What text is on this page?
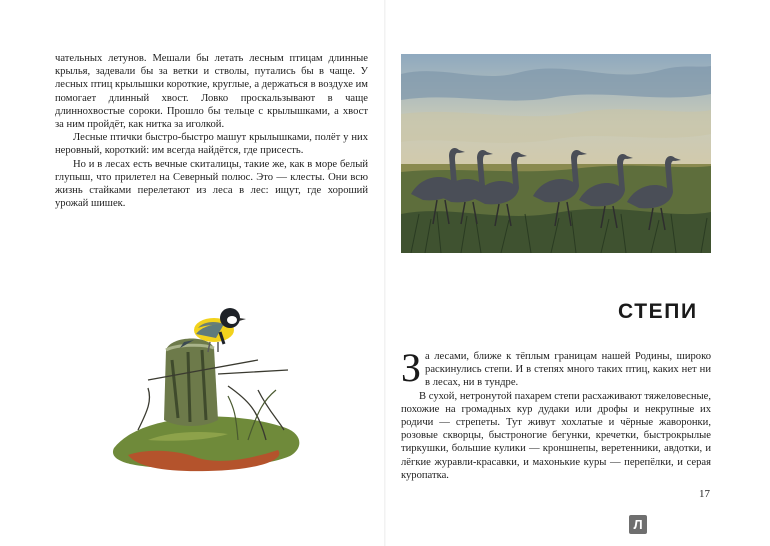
чательных летунов. Мешали бы летать лесным птицам длинные крылья, задевали бы за ветки и стволы, путались бы в чаще. У лесных птиц крылышки короткие, круглые, а держаться в воздухе им помогает длинный хвост. Ловко проскальзывают в чаще длиннохвостые сороки. Прошло бы тельце с крылышками, а хвост за ним пройдёт, как нитка за иголкой.

Лесные птички быстро-быстро машут крылышками, полёт у них неровный, короткий: им всегда найдётся, где присесть.

Но и в лесах есть вечные скиталицы, такие же, как в море белый глупыш, что прилетел на Северный полюс. Это — клесты. Они всю жизнь стайками перелетают из леса в лес: ищут, где хороший урожай шишек.

СТЕПИ

За лесами, ближе к тёплым границам нашей Родины, широко раскинулись степи. И в степях много таких птиц, каких нет ни в лесах, ни в тундре.

В сухой, нетронутой пахарем степи расхаживают тяжеловесные, похожие на громадных кур дудаки или дрофы и некрупные их родичи — стрепеты. Тут живут хохлатые и чёрные жаворонки, розовые скворцы, быстроногие бегунки, кречетки, быстрокрылые тиркушки, большие кулики — кроншнепы, веретенники, авдотки, и лёгкие журавли-красавки, и махонькие куры — перепёлки, и серая куропатка.

17
Л
